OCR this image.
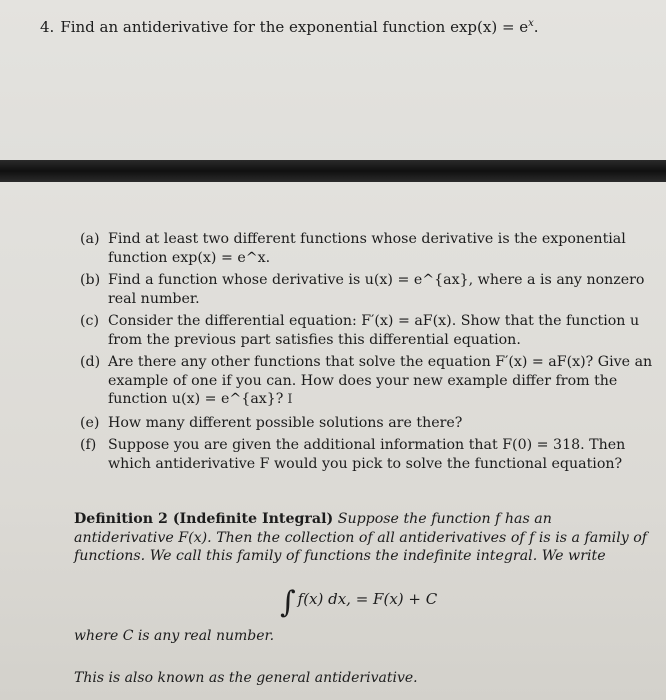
4. Find an antiderivative for the exponential function $\exp(x) = e^x$.
(a) Find at least two different functions whose derivative is the exponential function exp(x) = e^x.
(b) Find a function whose derivative is u(x) = e^{ax}, where a is any nonzero real number.
(c) Consider the differential equation: F′(x) = aF(x). Show that the function u from the previous part satisfies this differential equation.
(d) Are there any other functions that solve the equation F′(x) = aF(x)? Give an example of one if you can. How does your new example differ from the function u(x) = e^{ax}? I
(e) How many different possible solutions are there?
(f) Suppose you are given the additional information that F(0) = 318. Then which antiderivative F would you pick to solve the functional equation?
Definition 2 (Indefinite Integral) Suppose the function f has an antiderivative F(x). Then the collection of all antiderivatives of f is is a family of functions. We call this family of functions the indefinite integral. We write
∫ f(x) dx, = F(x) + C
where C is any real number.
This is also known as the general antiderivative.
